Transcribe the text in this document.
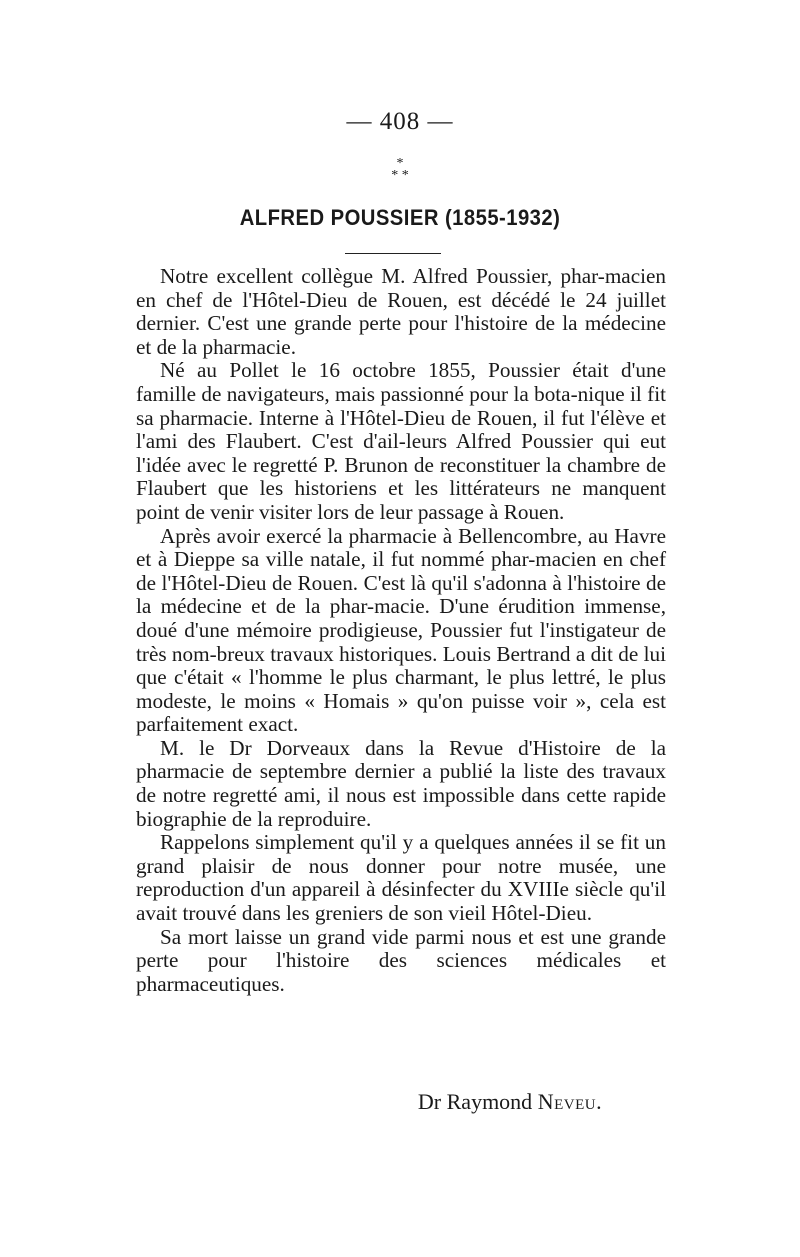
— 408 —
*
* *
ALFRED POUSSIER (1855-1932)

Notre excellent collègue M. Alfred Poussier, phar-macien en chef de l'Hôtel-Dieu de Rouen, est décédé le 24 juillet dernier. C'est une grande perte pour l'histoire de la médecine et de la pharmacie.

Né au Pollet le 16 octobre 1855, Poussier était d'une famille de navigateurs, mais passionné pour la bota-nique il fit sa pharmacie. Interne à l'Hôtel-Dieu de Rouen, il fut l'élève et l'ami des Flaubert. C'est d'ail-leurs Alfred Poussier qui eut l'idée avec le regretté P. Brunon de reconstituer la chambre de Flaubert que les historiens et les littérateurs ne manquent point de venir visiter lors de leur passage à Rouen.

Après avoir exercé la pharmacie à Bellencombre, au Havre et à Dieppe sa ville natale, il fut nommé phar-macien en chef de l'Hôtel-Dieu de Rouen. C'est là qu'il s'adonna à l'histoire de la médecine et de la phar-macie. D'une érudition immense, doué d'une mémoire prodigieuse, Poussier fut l'instigateur de très nom-breux travaux historiques. Louis Bertrand a dit de lui que c'était « l'homme le plus charmant, le plus lettré, le plus modeste, le moins « Homais » qu'on puisse voir », cela est parfaitement exact.

M. le Dr Dorveaux dans la Revue d'Histoire de la pharmacie de septembre dernier a publié la liste des travaux de notre regretté ami, il nous est impossible dans cette rapide biographie de la reproduire.

Rappelons simplement qu'il y a quelques années il se fit un grand plaisir de nous donner pour notre musée, une reproduction d'un appareil à désinfecter du XVIIIe siècle qu'il avait trouvé dans les greniers de son vieil Hôtel-Dieu.

Sa mort laisse un grand vide parmi nous et est une grande perte pour l'histoire des sciences médicales et pharmaceutiques.

Dr Raymond Neveu.
